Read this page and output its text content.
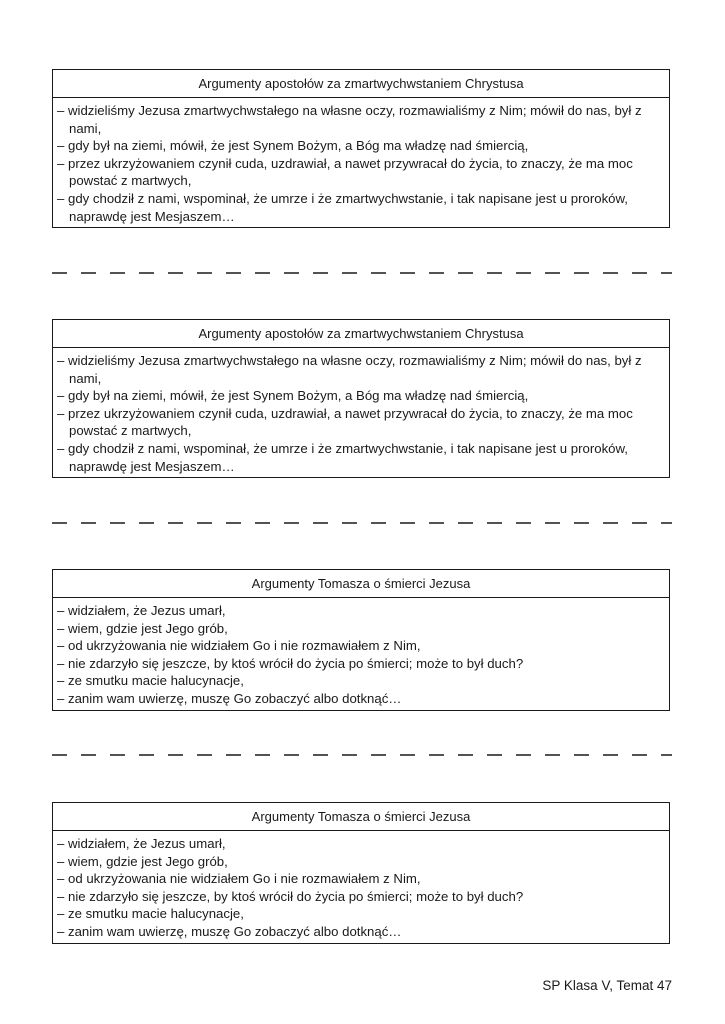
Argumenty apostołów za zmartwychwstaniem Chrystusa
– widzieliśmy Jezusa zmartwychwstałego na własne oczy, rozmawialiśmy z Nim; mówił do nas, był z nami,
– gdy był na ziemi, mówił, że jest Synem Bożym, a Bóg ma władzę nad śmiercią,
– przez ukrzyżowaniem czynił cuda, uzdrawiał, a nawet przywracał do życia, to znaczy, że ma moc powstać z martwych,
– gdy chodził z nami, wspominał, że umrze i że zmartwychwstanie, i tak napisane jest u proroków, naprawdę jest Mesjaszem…
Argumenty apostołów za zmartwychwstaniem Chrystusa
– widzieliśmy Jezusa zmartwychwstałego na własne oczy, rozmawialiśmy z Nim; mówił do nas, był z nami,
– gdy był na ziemi, mówił, że jest Synem Bożym, a Bóg ma władzę nad śmiercią,
– przez ukrzyżowaniem czynił cuda, uzdrawiał, a nawet przywracał do życia, to znaczy, że ma moc powstać z martwych,
– gdy chodził z nami, wspominał, że umrze i że zmartwychwstanie, i tak napisane jest u proroków, naprawdę jest Mesjaszem…
Argumenty Tomasza o śmierci Jezusa
– widziałem, że Jezus umarł,
– wiem, gdzie jest Jego grób,
– od ukrzyżowania nie widziałem Go i nie rozmawiałem z Nim,
– nie zdarzyło się jeszcze, by ktoś wrócił do życia po śmierci; może to był duch?
– ze smutku macie halucynacje,
– zanim wam uwierzę, muszę Go zobaczyć albo dotknąć…
Argumenty Tomasza o śmierci Jezusa
– widziałem, że Jezus umarł,
– wiem, gdzie jest Jego grób,
– od ukrzyżowania nie widziałem Go i nie rozmawiałem z Nim,
– nie zdarzyło się jeszcze, by ktoś wrócił do życia po śmierci; może to był duch?
– ze smutku macie halucynacje,
– zanim wam uwierzę, muszę Go zobaczyć albo dotknąć…
SP Klasa V, Temat 47
